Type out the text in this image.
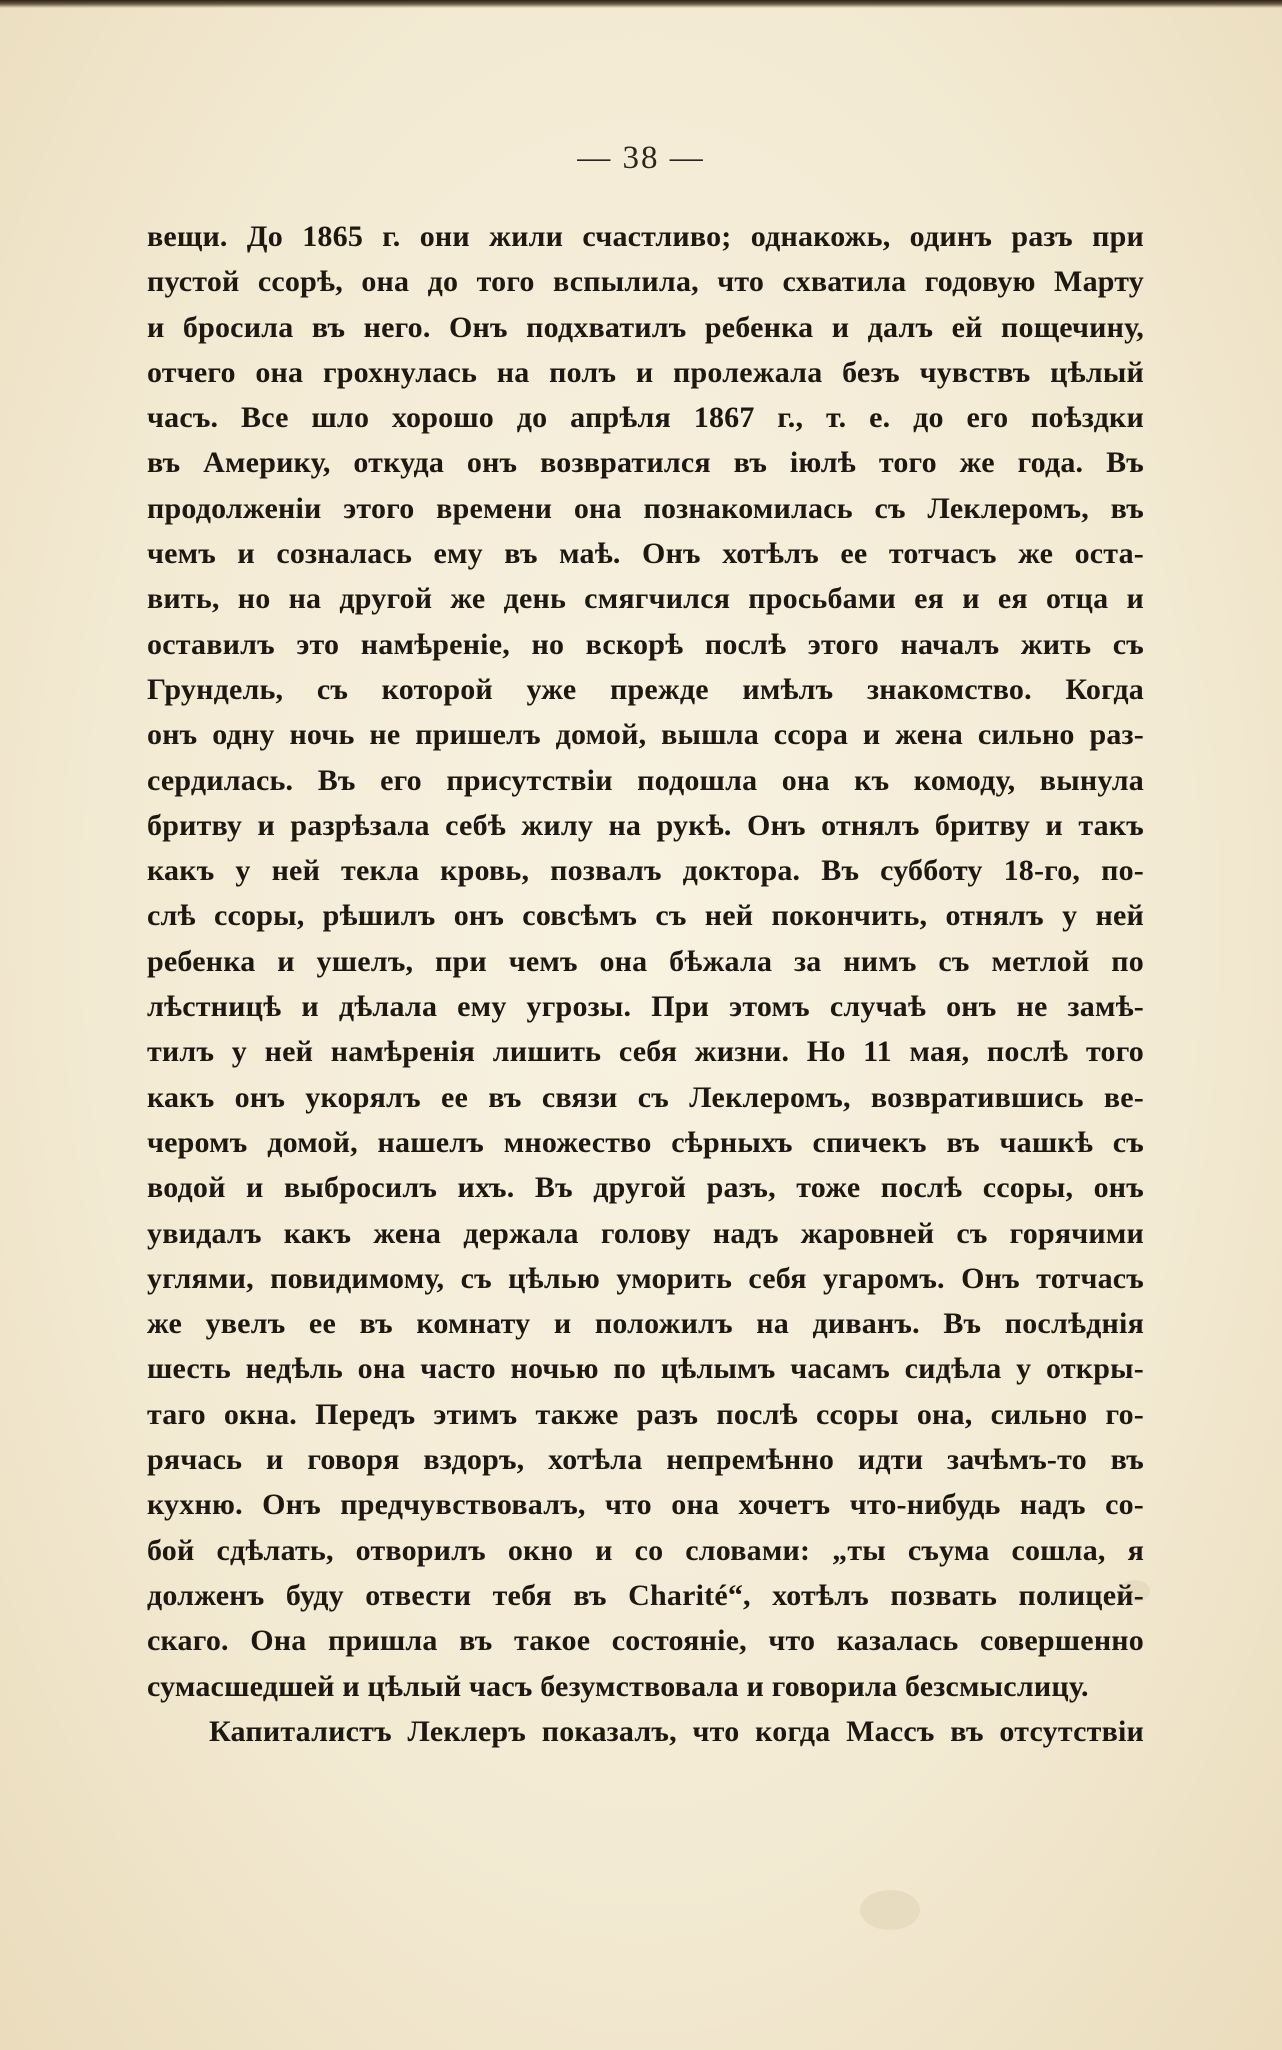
— 38 —
вещи. До 1865 г. они жили счастливо; однакожь, одинъ разъ при
пустой ссорѣ, она до того вспылила, что схватила годовую Марту
и бросила въ него. Онъ подхватилъ ребенка и далъ ей пощечину,
отчего она грохнулась на полъ и пролежала безъ чувствъ цѣлый
часъ. Все шло хорошо до апрѣля 1867 г., т. е. до его поѣздки
въ Америку, откуда онъ возвратился въ iюлѣ того же года. Въ
продолженiи этого времени она познакомилась съ Леклеромъ, въ
чемъ и созналась ему въ маѣ. Онъ хотѣлъ ее тотчасъ же оста-
вить, но на другой же день смягчился просьбами ея и ея отца и
оставилъ это намѣренiе, но вскорѣ послѣ этого началъ жить съ
Грундель, съ которой уже прежде имѣлъ знакомство. Когда
онъ одну ночь не пришелъ домой, вышла ссора и жена сильно раз-
сердилась. Въ его присутствiи подошла она къ комоду, вынула
бритву и разрѣзала себѣ жилу на рукѣ. Онъ отнялъ бритву и такъ
какъ у ней текла кровь, позвалъ доктора. Въ субботу 18-го, по-
слѣ ссоры, рѣшилъ онъ совсѣмъ съ ней покончить, отнялъ у ней
ребенка и ушелъ, при чемъ она бѣжала за нимъ съ метлой по
лѣстницѣ и дѣлала ему угрозы. При этомъ случаѣ онъ не замѣ-
тилъ у ней намѣренiя лишить себя жизни. Но 11 мая, послѣ того
какъ онъ укорялъ ее въ связи съ Леклеромъ, возвратившись ве-
черомъ домой, нашелъ множество сѣрныхъ спичекъ въ чашкѣ съ
водой и выбросилъ ихъ. Въ другой разъ, тоже послѣ ссоры, онъ
увидалъ какъ жена держала голову надъ жаровней съ горячими
углями, повидимому, съ цѣлью уморить себя угаромъ. Онъ тотчасъ
же увелъ ее въ комнату и положилъ на диванъ. Въ послѣднiя
шесть недѣль она часто ночью по цѣлымъ часамъ сидѣла у откры-
таго окна. Передъ этимъ также разъ послѣ ссоры она, сильно го-
рячась и говоря вздоръ, хотѣла непремѣнно идти зачѣмъ-то въ
кухню. Онъ предчувствовалъ, что она хочетъ что-нибудь надъ со-
бой сдѣлать, отворилъ окно и со словами: „ты съума сошла, я
долженъ буду отвести тебя въ Charité“, хотѣлъ позвать полицей-
скаго. Она пришла въ такое состоянiе, что казалась совершенно
сумасшедшей и цѣлый часъ безумствовала и говорила безсмыслицу.
Капиталистъ Леклеръ показалъ, что когда Массъ въ отсутствiи
